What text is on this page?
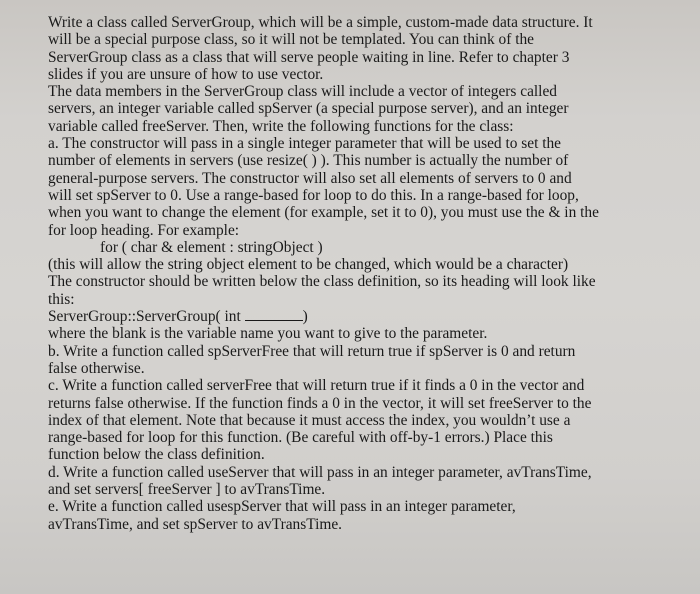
Write a class called ServerGroup, which will be a simple, custom-made data structure. It
will be a special purpose class, so it will not be templated. You can think of the
ServerGroup class as a class that will serve people waiting in line. Refer to chapter 3
slides if you are unsure of how to use vector.
The data members in the ServerGroup class will include a vector of integers called
servers, an integer variable called spServer (a special purpose server), and an integer
variable called freeServer. Then, write the following functions for the class:
a. The constructor will pass in a single integer parameter that will be used to set the
number of elements in servers (use resize( ) ). This number is actually the number of
general-purpose servers. The constructor will also set all elements of servers to 0 and
will set spServer to 0. Use a range-based for loop to do this. In a range-based for loop,
when you want to change the element (for example, set it to 0), you must use the & in the
for loop heading. For example:
for ( char & element : stringObject )
(this will allow the string object element to be changed, which would be a character)
The constructor should be written below the class definition, so its heading will look like
this:
ServerGroup::ServerGroup( int	)
where the blank is the variable name you want to give to the parameter.
b. Write a function called spServerFree that will return true if spServer is 0 and return
false otherwise.
c. Write a function called serverFree that will return true if it finds a 0 in the vector and
returns false otherwise. If the function finds a 0 in the vector, it will set freeServer to the
index of that element. Note that because it must access the index, you wouldn’t use a
range-based for loop for this function. (Be careful with off-by-1 errors.) Place this
function below the class definition.
d. Write a function called useServer that will pass in an integer parameter, avTransTime,
and set servers[ freeServer ] to avTransTime.
e. Write a function called usespServer that will pass in an integer parameter,
avTransTime, and set spServer to avTransTime.
